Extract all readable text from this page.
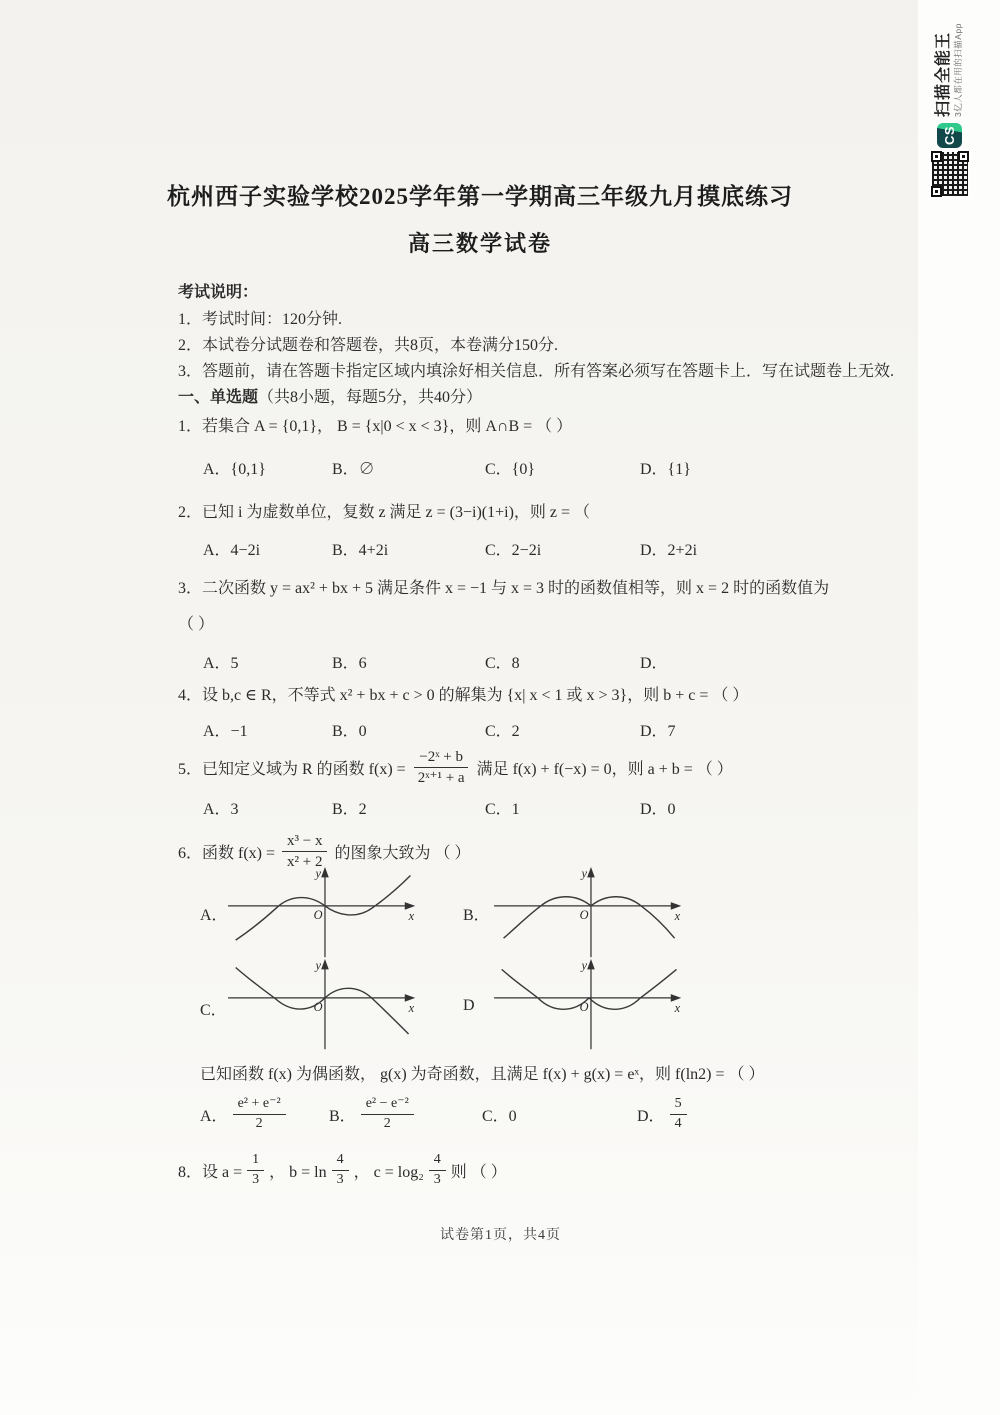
杭州西子实验学校2025学年第一学期高三年级九月摸底练习
高三数学试卷
考试说明：
1．考试时间：120分钟.
2．本试卷分试题卷和答题卷，共8页，本卷满分150分.
3．答题前，请在答题卡指定区域内填涂好相关信息．所有答案必须写在答题卡上．写在试题卷上无效.
一、单选题（共8小题，每题5分，共40分）
1．若集合 A = {0,1}， B = {x|0 < x < 3}，则 A∩B = （ ）
A．{0,1}	B．∅	C．{0}	D．{1}
2．已知 i 为虚数单位，复数 z 满足 z = (3−i)(1+i)，则 z = （
A．4−2i	B．4+2i	C．2−2i	D．2+2i
3．二次函数 y = ax² + bx + 5 满足条件 x = −1 与 x = 3 时的函数值相等，则 x = 2 时的函数值为
（ ）
A．5	B．6	C．8	D．
4．设 b,c ∈ R，不等式 x² + bx + c > 0 的解集为 {x| x < 1 或 x > 3}，则 b + c = （ ）
A．−1	B．0	C．2	D．7
5．已知定义域为 R 的函数 $f(x) = \frac{\text{−2ˣ + b}}{\text{2ˣ⁺¹ + a}}$ 满足 f(x) + f(−x) = 0，则 a + b = （ ）
A．3	B．2	C．1	D．0
6．函数 $f(x) = \frac{\text{x³ − x}}{\text{x² + 2}}$ 的图象大致为 （ ）
A．
y
x
O	B．
y
x
O
C．
y
x
O	D
y
x
O
已知函数 f(x) 为偶函数， g(x) 为奇函数，且满足 f(x) + g(x) = eˣ，则 f(ln2) = （ ）
A． $\frac{\text{e² + e⁻²}}{2}$	B． $\frac{\text{e² − e⁻²}}{2}$	C．0	D． $\frac{5}{4}$
8．设 $a = \frac{1}{3}$ ， $b = \ln \frac{4}{3}$ ， $c = \log_2 \frac{4}{3}$ 则 （ ）
试卷第1页，共4页
CS
扫描全能王 3亿人都在用的扫描App
